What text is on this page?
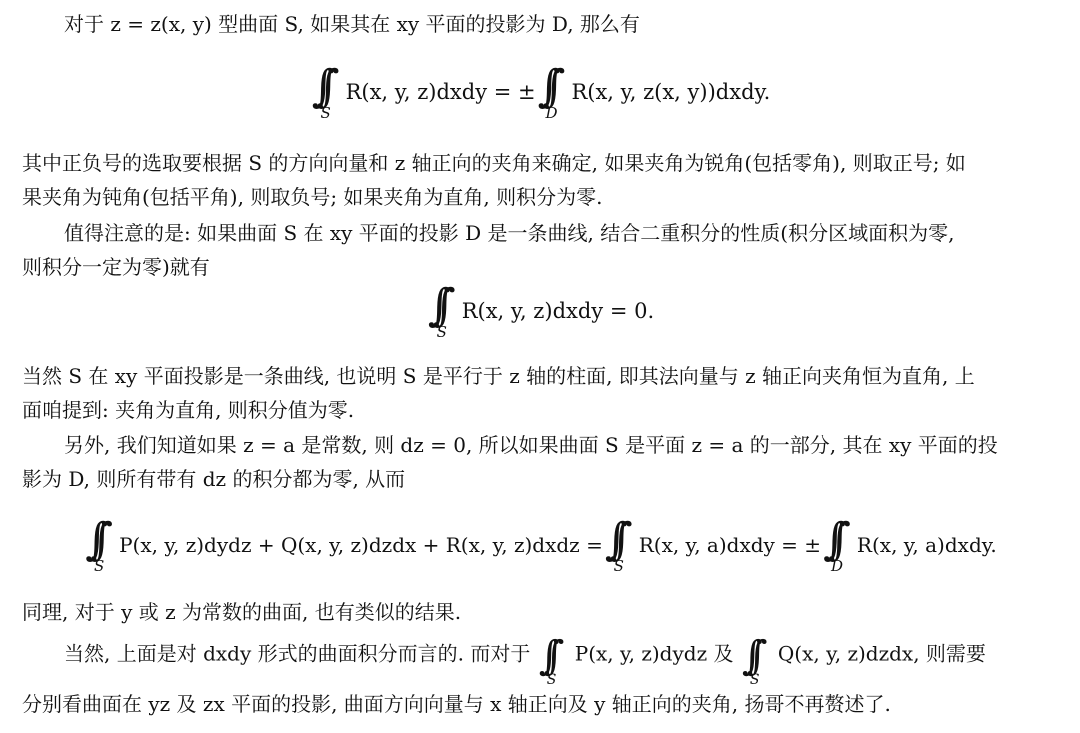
对于 z = z(x, y) 型曲面 S, 如果其在 xy 平面的投影为 D, 那么有
∫∫
S
R(x, y, z)dxdy = ± ∫∫
D
R(x, y, z(x, y))dxdy.
其中正负号的选取要根据 S 的方向向量和 z 轴正向的夹角来确定, 如果夹角为锐角(包括零角), 则取正号; 如
果夹角为钝角(包括平角), 则取负号; 如果夹角为直角, 则积分为零.
值得注意的是: 如果曲面 S 在 xy 平面的投影 D 是一条曲线, 结合二重积分的性质(积分区域面积为零,
则积分一定为零)就有
∫∫
S
R(x, y, z)dxdy = 0.
当然 S 在 xy 平面投影是一条曲线, 也说明 S 是平行于 z 轴的柱面, 即其法向量与 z 轴正向夹角恒为直角, 上
面咱提到: 夹角为直角, 则积分值为零.
另外, 我们知道如果 z = a 是常数, 则 dz = 0, 所以如果曲面 S 是平面 z = a 的一部分, 其在 xy 平面的投
影为 D, 则所有带有 dz 的积分都为零, 从而
∫∫
S
P(x, y, z)dydz + Q(x, y, z)dzdx + R(x, y, z)dxdz = ∫∫
S
R(x, y, a)dxdy = ± ∫∫
D
R(x, y, a)dxdy.
同理, 对于 y 或 z 为常数的曲面, 也有类似的结果.
当然, 上面是对 dxdy 形式的曲面积分而言的. 而对于 ∫∫
S
P(x, y, z)dydz 及 ∫∫
S
Q(x, y, z)dzdx, 则需要
分别看曲面在 yz 及 zx 平面的投影, 曲面方向向量与 x 轴正向及 y 轴正向的夹角, 扬哥不再赘述了.
